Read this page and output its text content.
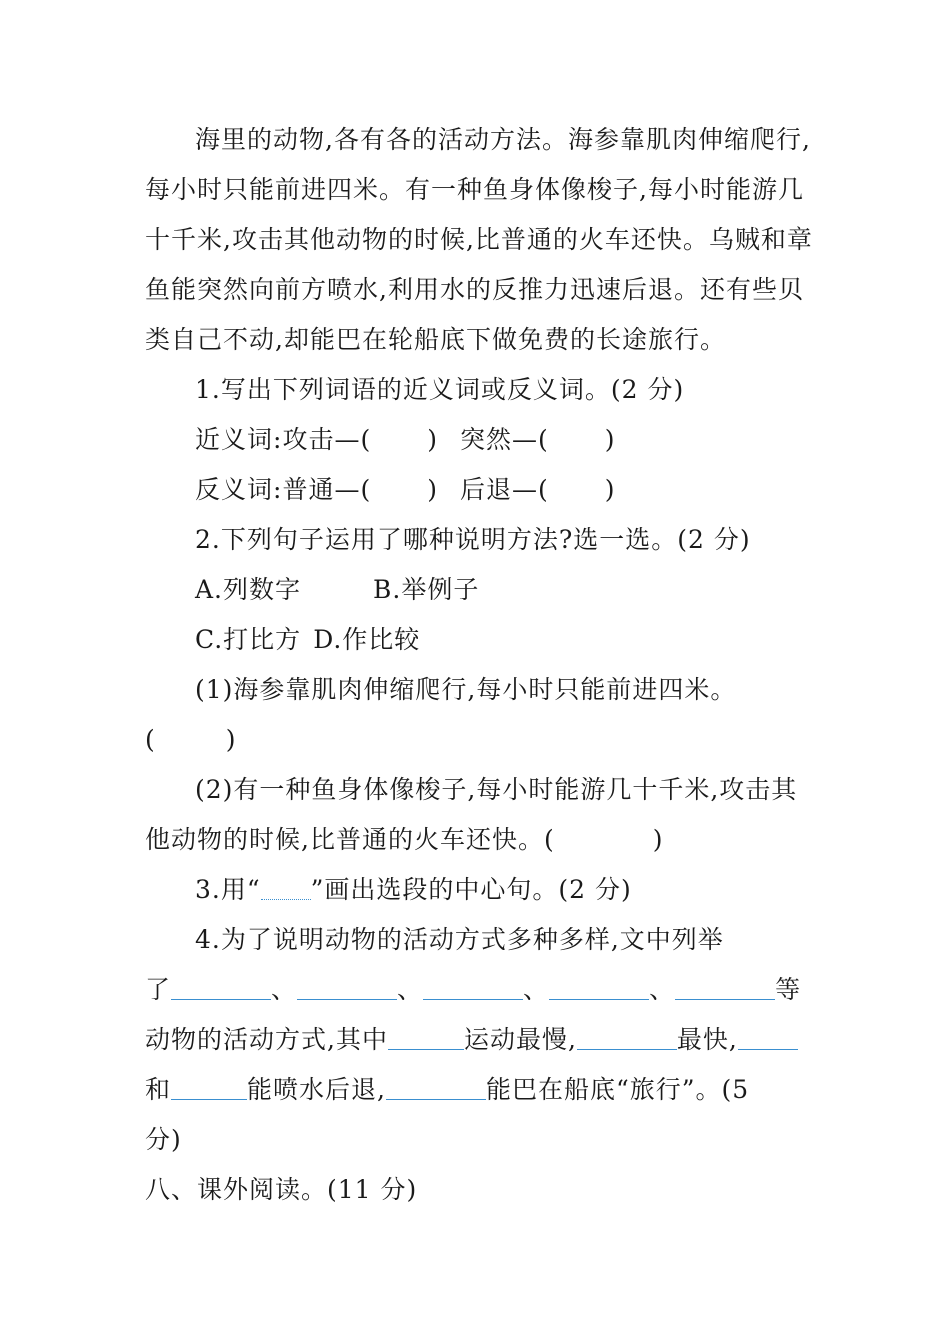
海里的动物,各有各的活动方法。海参靠肌肉伸缩爬行,
每小时只能前进四米。有一种鱼身体像梭子,每小时能游几
十千米,攻击其他动物的时候,比普通的火车还快。乌贼和章
鱼能突然向前方喷水,利用水的反推力迅速后退。还有些贝
类自己不动,却能巴在轮船底下做免费的长途旅行。
1.写出下列词语的近义词或反义词。(2 分)
近义词:攻击—( ) 突然—( )
反义词:普通—( ) 后退—( )
2.下列句子运用了哪种说明方法?选一选。(2 分)
A.列数字	B.举例子
C.打比方 D.作比较
(1)海参靠肌肉伸缩爬行,每小时只能前进四米。
(	)
(2)有一种鱼身体像梭子,每小时能游几十千米,攻击其
他动物的时候,比普通的火车还快。(	)
3.用“ ”画出选段的中心句。(2 分)
4.为了说明动物的活动方式多种多样,文中列举
了	、	、	、	、	等
动物的活动方式,其中	运动最慢,	最快,
和	能喷水后退,	能巴在船底“旅行”。(5
分)
八、课外阅读。(11 分)
